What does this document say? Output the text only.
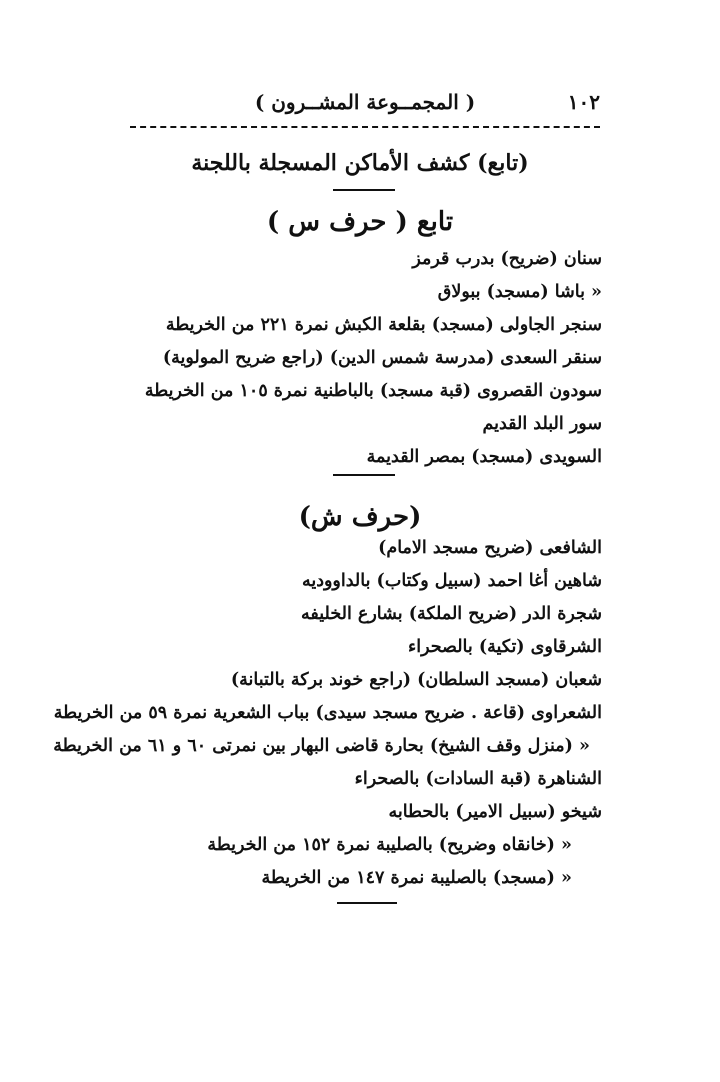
١٠٢
( المجمــوعة المشــرون )
(تابع) كشف الأماكن المسجلة باللجنة
تابع ( حرف س )
سنان (ضريح) بدرب قرمز
« باشا (مسجد) ببولاق
سنجر الجاولى (مسجد) بقلعة الكبش نمرة ٢٢١ من الخريطة
سنقر السعدى (مدرسة شمس الدين) (راجع ضريح المولوية)
سودون القصروى (قبة مسجد) بالباطنية نمرة ١٠٥ من الخريطة
سور البلد القديم
السويدى (مسجد) بمصر القديمة
(حرف ش)
الشافعى (ضريح مسجد الامام)
شاهين أغا احمد (سبيل وكتاب) بالداووديه
شجرة الدر (ضريح الملكة) بشارع الخليفه
الشرقاوى (تكية) بالصحراء
شعبان (مسجد السلطان) (راجع خوند بركة بالتبانة)
الشعراوى (قاعة . ضريح مسجد سيدى) بباب الشعرية نمرة ٥٩ من الخريطة
« (منزل وقف الشيخ) بحارة قاضى البهار بين نمرتى ٦٠ و ٦١ من الخريطة
الشناهرة (قبة السادات) بالصحراء
شيخو (سبيل الامير) بالحطابه
« (خانقاه وضريح) بالصليبة نمرة ١٥٢ من الخريطة
« (مسجد) بالصليبة نمرة ١٤٧ من الخريطة
